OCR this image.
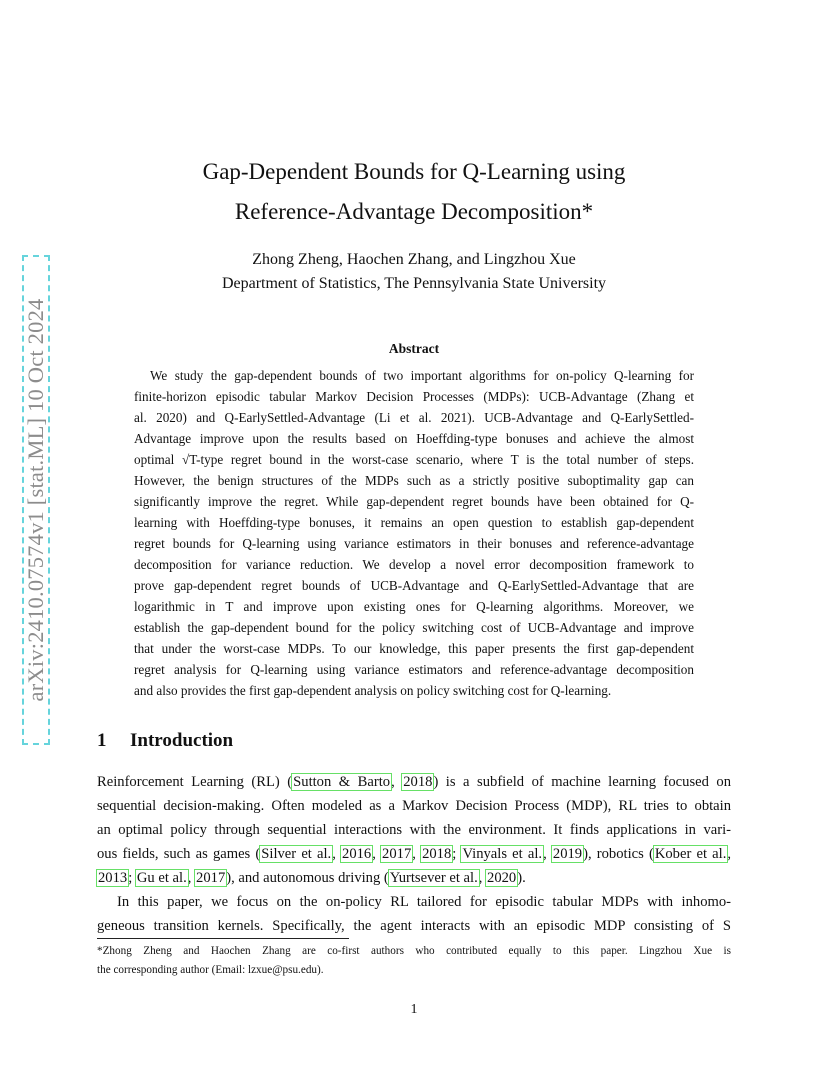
arXiv:2410.07574v1 [stat.ML] 10 Oct 2024
Gap-Dependent Bounds for Q-Learning using
Reference-Advantage Decomposition*
Zhong Zheng, Haochen Zhang, and Lingzhou Xue
Department of Statistics, The Pennsylvania State University
Abstract
We study the gap-dependent bounds of two important algorithms for on-policy Q-learning for
finite-horizon episodic tabular Markov Decision Processes (MDPs): UCB-Advantage (Zhang et
al. 2020) and Q-EarlySettled-Advantage (Li et al. 2021). UCB-Advantage and Q-EarlySettled-
Advantage improve upon the results based on Hoeffding-type bonuses and achieve the almost
optimal √T-type regret bound in the worst-case scenario, where T is the total number of steps.
However, the benign structures of the MDPs such as a strictly positive suboptimality gap can
significantly improve the regret. While gap-dependent regret bounds have been obtained for Q-
learning with Hoeffding-type bonuses, it remains an open question to establish gap-dependent
regret bounds for Q-learning using variance estimators in their bonuses and reference-advantage
decomposition for variance reduction. We develop a novel error decomposition framework to
prove gap-dependent regret bounds of UCB-Advantage and Q-EarlySettled-Advantage that are
logarithmic in T and improve upon existing ones for Q-learning algorithms. Moreover, we
establish the gap-dependent bound for the policy switching cost of UCB-Advantage and improve
that under the worst-case MDPs. To our knowledge, this paper presents the first gap-dependent
regret analysis for Q-learning using variance estimators and reference-advantage decomposition
and also provides the first gap-dependent analysis on policy switching cost for Q-learning.
1 Introduction
Reinforcement Learning (RL) (Sutton & Barto, 2018) is a subfield of machine learning focused on
sequential decision-making. Often modeled as a Markov Decision Process (MDP), RL tries to obtain
an optimal policy through sequential interactions with the environment. It finds applications in vari-
ous fields, such as games (Silver et al., 2016, 2017, 2018; Vinyals et al., 2019), robotics (Kober et al.,
2013; Gu et al., 2017), and autonomous driving (Yurtsever et al., 2020).
In this paper, we focus on the on-policy RL tailored for episodic tabular MDPs with inhomo-
geneous transition kernels. Specifically, the agent interacts with an episodic MDP consisting of S
*Zhong Zheng and Haochen Zhang are co-first authors who contributed equally to this paper. Lingzhou Xue is
the corresponding author (Email: lzxue@psu.edu).
1
